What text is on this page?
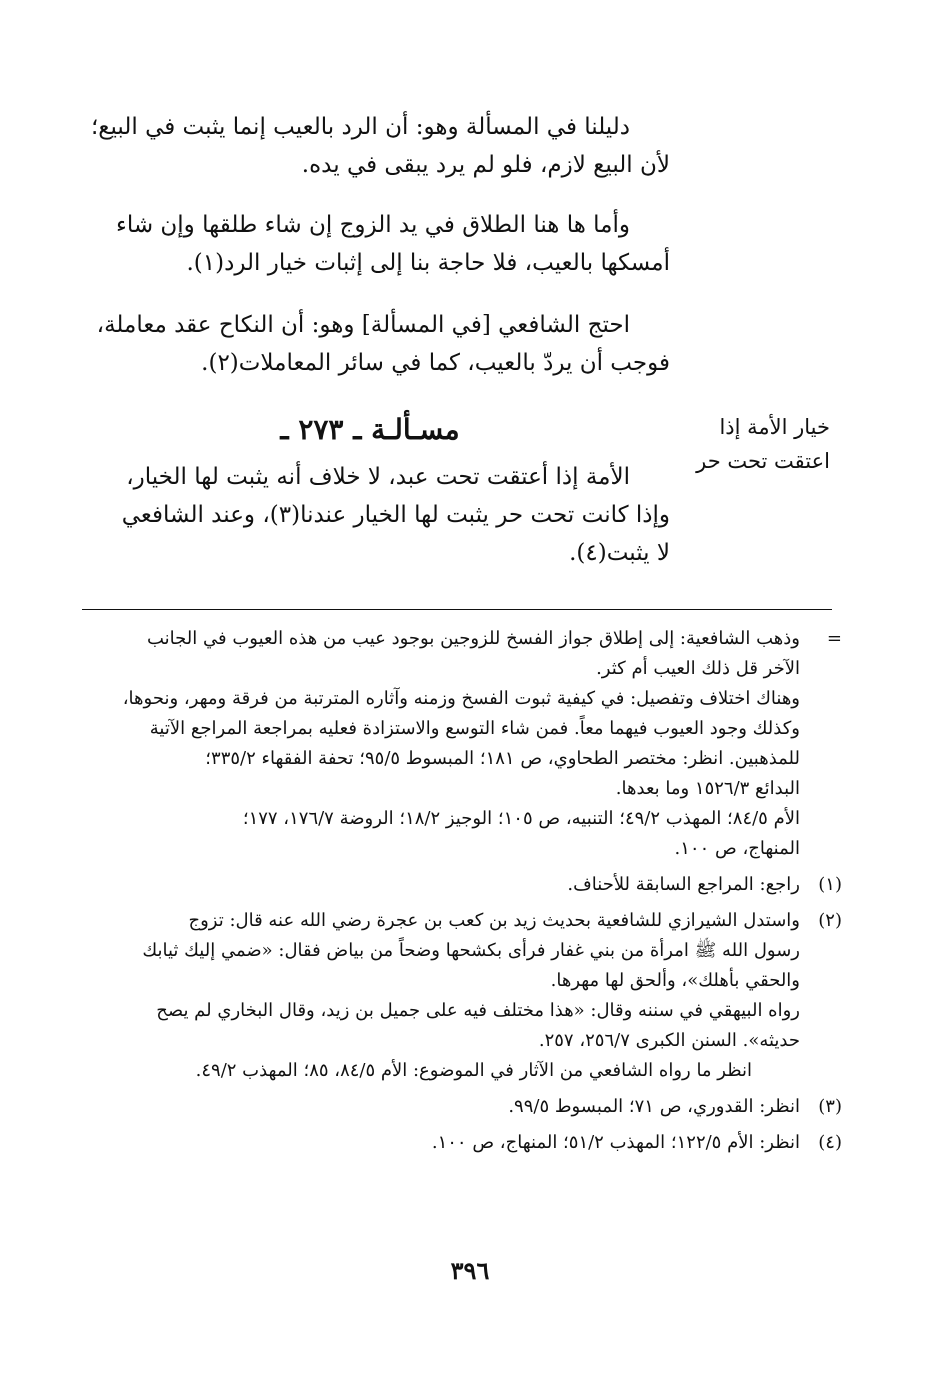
دليلنا في المسألة وهو: أن الرد بالعيب إنما يثبت في البيع؛
لأن البيع لازم، فلو لم يرد يبقى في يده.
وأما ها هنا الطلاق في يد الزوج إن شاء طلقها وإن شاء
أمسكها بالعيب، فلا حاجة بنا إلى إثبات خيار الرد(١).
احتج الشافعي [في المسألة] وهو: أن النكاح عقد معاملة،
فوجب أن يردّ بالعيب، كما في سائر المعاملات(٢).
مسـألـة ـ ٢٧٣ ـ	خيار الأمة إذا
اعتقت تحت حر
الأمة إذا أعتقت تحت عبد، لا خلاف أنه يثبت لها الخيار،
وإذا كانت تحت حر يثبت لها الخيار عندنا(٣)، وعند الشافعي
لا يثبت(٤).
=
وذهب الشافعية: إلى إطلاق جواز الفسخ للزوجين بوجود عيب من هذه العيوب في الجانب
الآخر قل ذلك العيب أم كثر.
وهناك اختلاف وتفصيل: في كيفية ثبوت الفسخ وزمنه وآثاره المترتبة من فرقة ومهر، ونحوها،
وكذلك وجود العيوب فيهما معاً. فمن شاء التوسع والاستزادة فعليه بمراجعة المراجع الآتية
للمذهبين. انظر: مختصر الطحاوي، ص ١٨١؛ المبسوط ٩٥/٥؛ تحفة الفقهاء ٣٣٥/٢؛
البدائع ١٥٢٦/٣ وما بعدها.
الأم ٨٤/٥؛ المهذب ٤٩/٢؛ التنبيه، ص ١٠٥؛ الوجيز ١٨/٢؛ الروضة ١٧٦/٧، ١٧٧؛
المنهاج، ص ١٠٠.
(١)
راجع: المراجع السابقة للأحناف.
(٢)
واستدل الشيرازي للشافعية بحديث زيد بن كعب بن عجرة رضي الله عنه قال: تزوج
رسول الله ﷺ امرأة من بني غفار فرأى بكشحها وضحاً من بياض فقال: «ضمي إليك ثيابك
والحقي بأهلك»، وألحق لها مهرها.
رواه البيهقي في سننه وقال: «هذا مختلف فيه على جميل بن زيد، وقال البخاري لم يصح
حديثه». السنن الكبرى ٢٥٦/٧، ٢٥٧.
انظر ما رواه الشافعي من الآثار في الموضوع: الأم ٨٤/٥، ٨٥؛ المهذب ٤٩/٢.
(٣)
انظر: القدوري، ص ٧١؛ المبسوط ٩٩/٥.
(٤)
انظر: الأم ١٢٢/٥؛ المهذب ٥١/٢؛ المنهاج، ص ١٠٠.
٣٩٦
